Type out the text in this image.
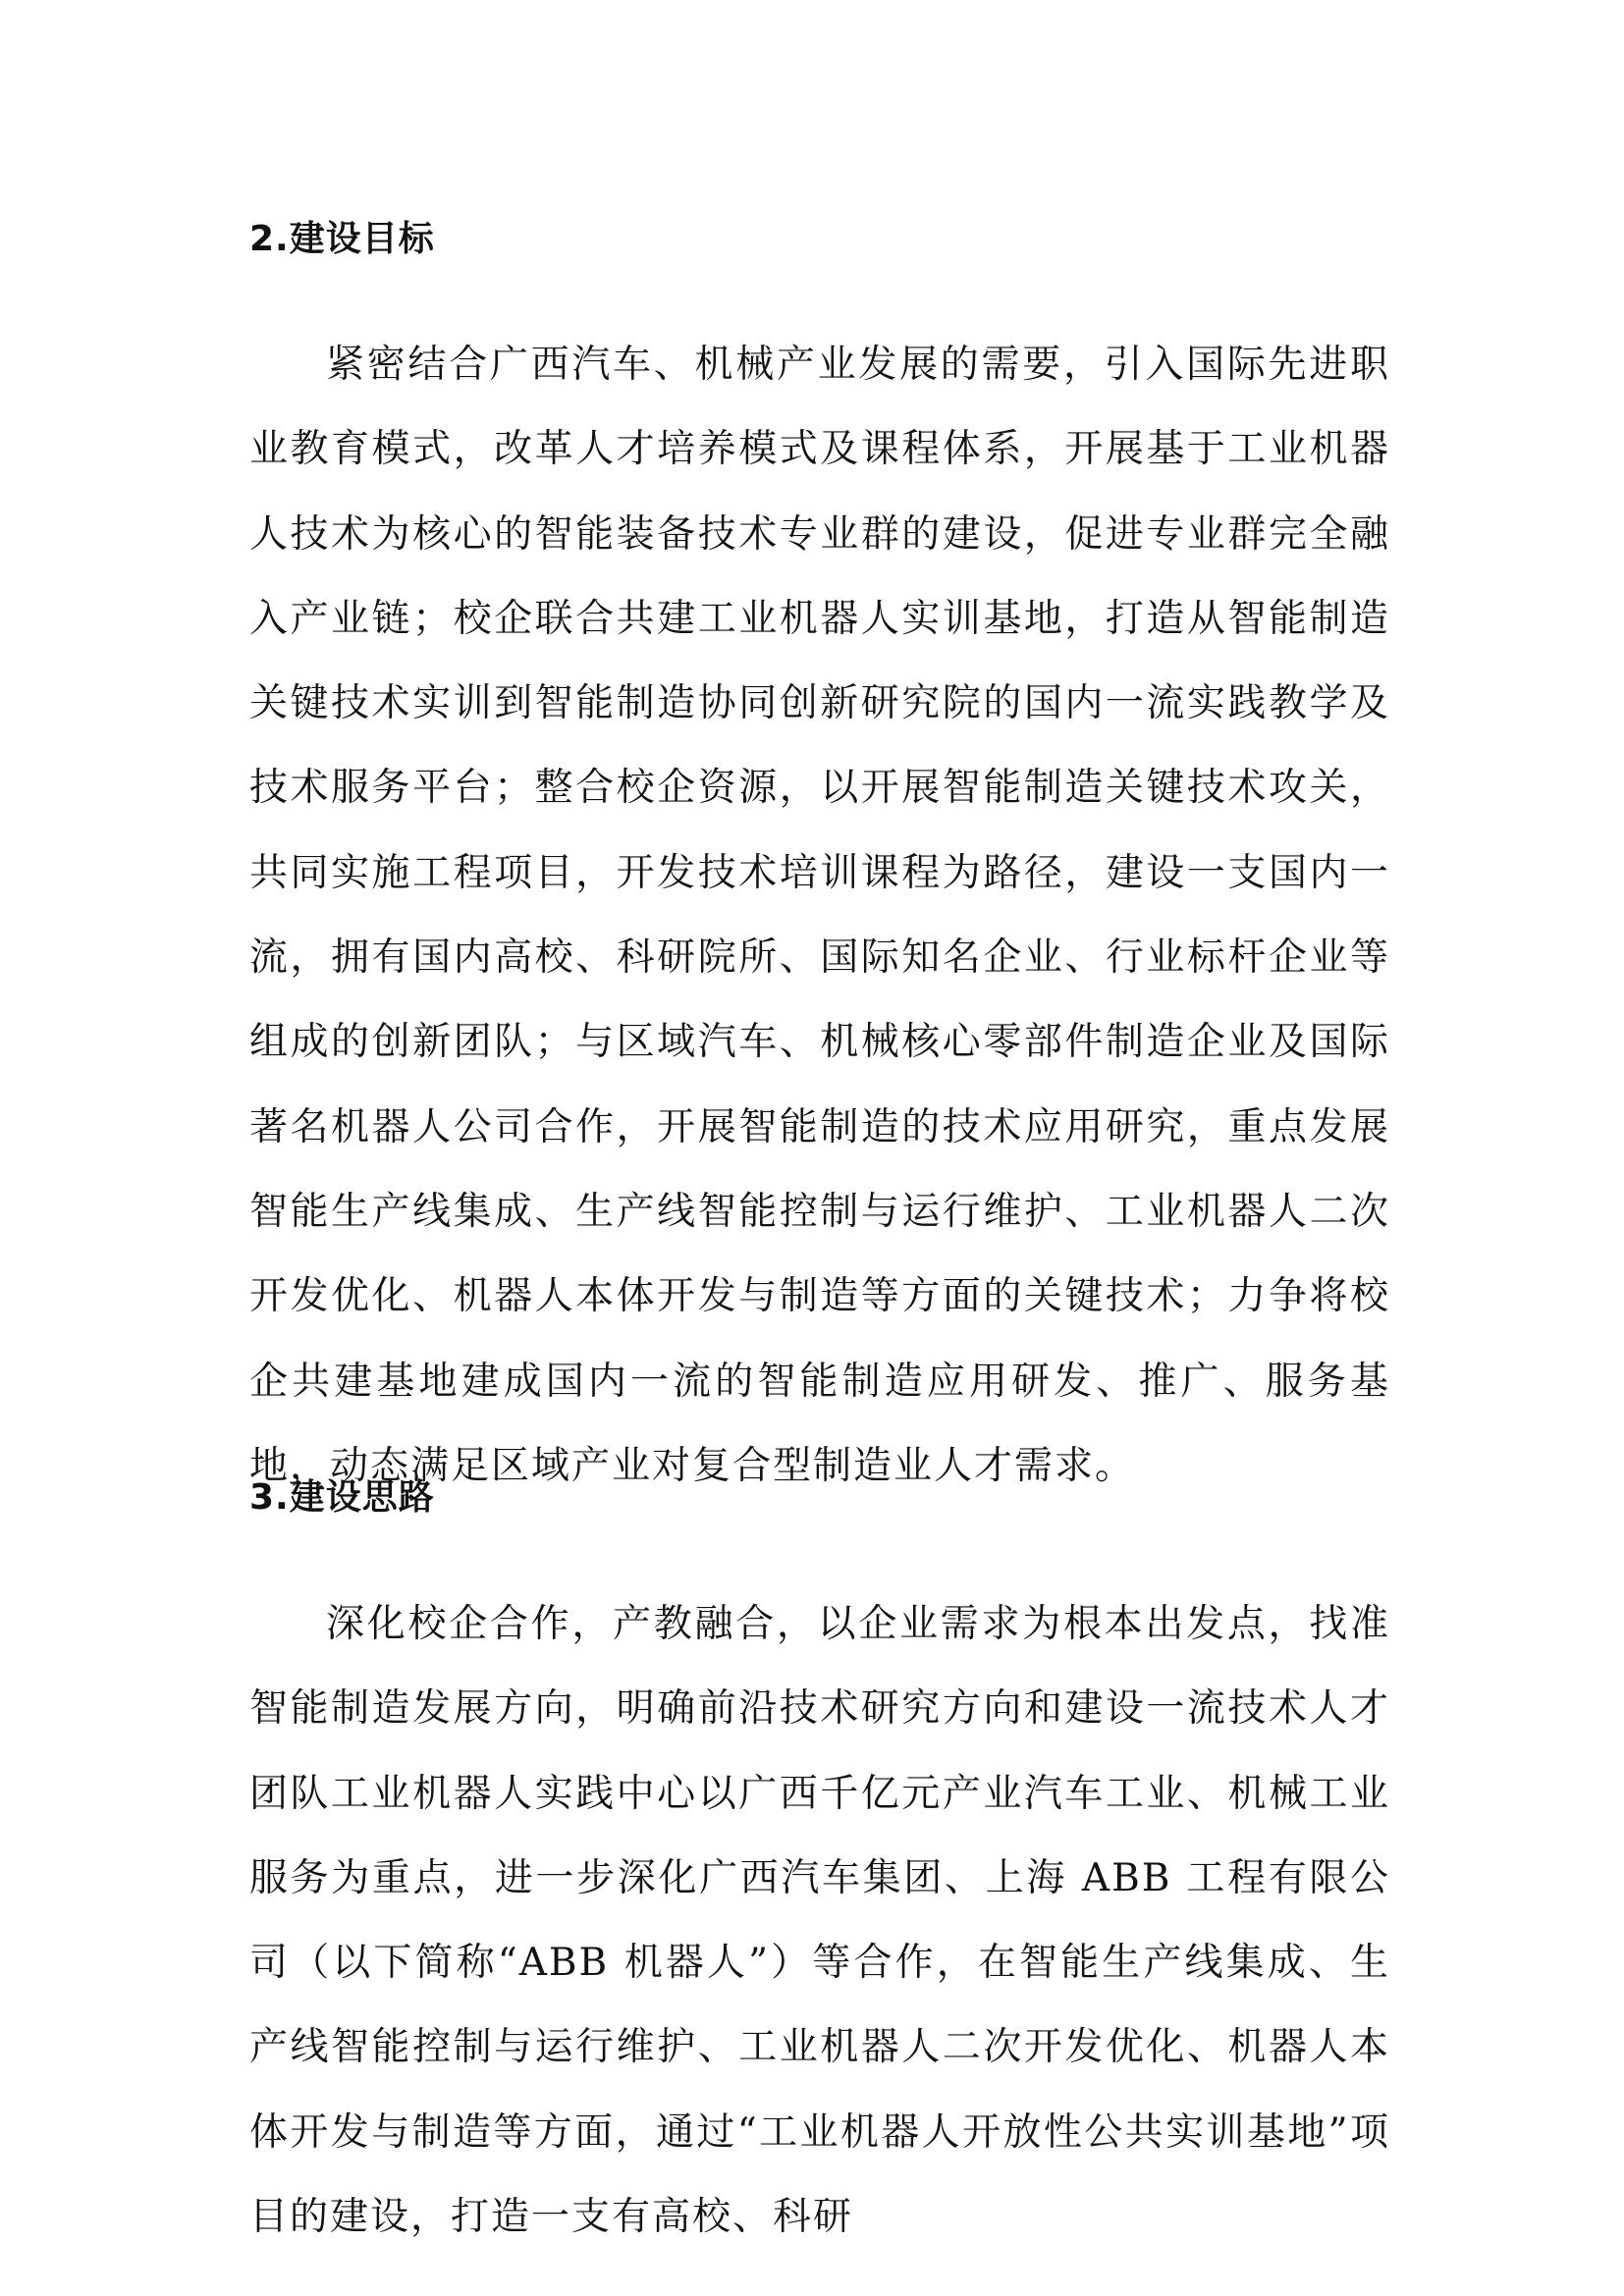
2.建设目标

紧密结合广西汽车、机械产业发展的需要，引入国际先进职业教育模式，改革人才培养模式及课程体系，开展基于工业机器人技术为核心的智能装备技术专业群的建设，促进专业群完全融入产业链；校企联合共建工业机器人实训基地，打造从智能制造关键技术实训到智能制造协同创新研究院的国内一流实践教学及技术服务平台；整合校企资源，以开展智能制造关键技术攻关，共同实施工程项目，开发技术培训课程为路径，建设一支国内一流，拥有国内高校、科研院所、国际知名企业、行业标杆企业等组成的创新团队；与区域汽车、机械核心零部件制造企业及国际著名机器人公司合作，开展智能制造的技术应用研究，重点发展智能生产线集成、生产线智能控制与运行维护、工业机器人二次开发优化、机器人本体开发与制造等方面的关键技术；力争将校企共建基地建成国内一流的智能制造应用研发、推广、服务基地，动态满足区域产业对复合型制造业人才需求。

3.建设思路

深化校企合作，产教融合，以企业需求为根本出发点，找准智能制造发展方向，明确前沿技术研究方向和建设一流技术人才团队工业机器人实践中心以广西千亿元产业汽车工业、机械工业服务为重点，进一步深化广西汽车集团、上海 ABB 工程有限公司（以下简称“ABB 机器人”）等合作，在智能生产线集成、生产线智能控制与运行维护、工业机器人二次开发优化、机器人本体开发与制造等方面，通过“工业机器人开放性公共实训基地”项目的建设，打造一支有高校、科研
